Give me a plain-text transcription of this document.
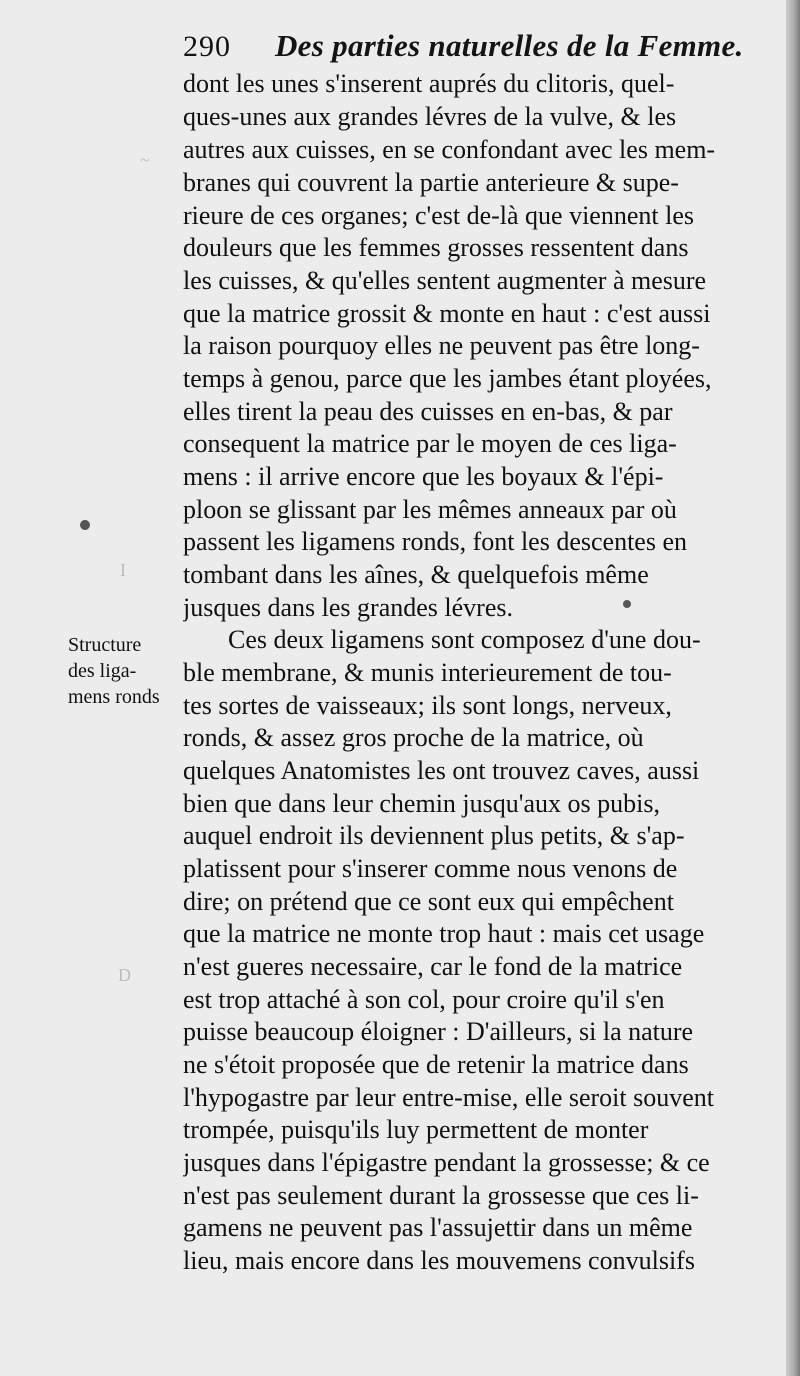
~
I
D
290 Des parties naturelles de la Femme.
dont les unes s'inserent auprés du clitoris, quel-
ques-unes aux grandes lévres de la vulve, & les
autres aux cuisses, en se confondant avec les mem-
branes qui couvrent la partie anterieure & supe-
rieure de ces organes; c'est de-là que viennent les
douleurs que les femmes grosses ressentent dans
les cuisses, & qu'elles sentent augmenter à mesure
que la matrice grossit & monte en haut : c'est aussi
la raison pourquoy elles ne peuvent pas être long-
temps à genou, parce que les jambes étant ployées,
elles tirent la peau des cuisses en en-bas, & par
consequent la matrice par le moyen de ces liga-
mens : il arrive encore que les boyaux & l'épi-
ploon se glissant par les mêmes anneaux par où
passent les ligamens ronds, font les descentes en
tombant dans les aînes, & quelquefois même
jusques dans les grandes lévres.
Ces deux ligamens sont composez d'une dou-
ble membrane, & munis interieurement de tou-
tes sortes de vaisseaux; ils sont longs, nerveux,
ronds, & assez gros proche de la matrice, où
quelques Anatomistes les ont trouvez caves, aussi
bien que dans leur chemin jusqu'aux os pubis,
auquel endroit ils deviennent plus petits, & s'ap-
platissent pour s'inserer comme nous venons de
dire; on prétend que ce sont eux qui empêchent
que la matrice ne monte trop haut : mais cet usage
n'est gueres necessaire, car le fond de la matrice
est trop attaché à son col, pour croire qu'il s'en
puisse beaucoup éloigner : D'ailleurs, si la nature
ne s'étoit proposée que de retenir la matrice dans
l'hypogastre par leur entre-mise, elle seroit souvent
trompée, puisqu'ils luy permettent de monter
jusques dans l'épigastre pendant la grossesse; & ce
n'est pas seulement durant la grossesse que ces li-
gamens ne peuvent pas l'assujettir dans un même
lieu, mais encore dans les mouvemens convulsifs
Structure
des liga-
mens ronds
